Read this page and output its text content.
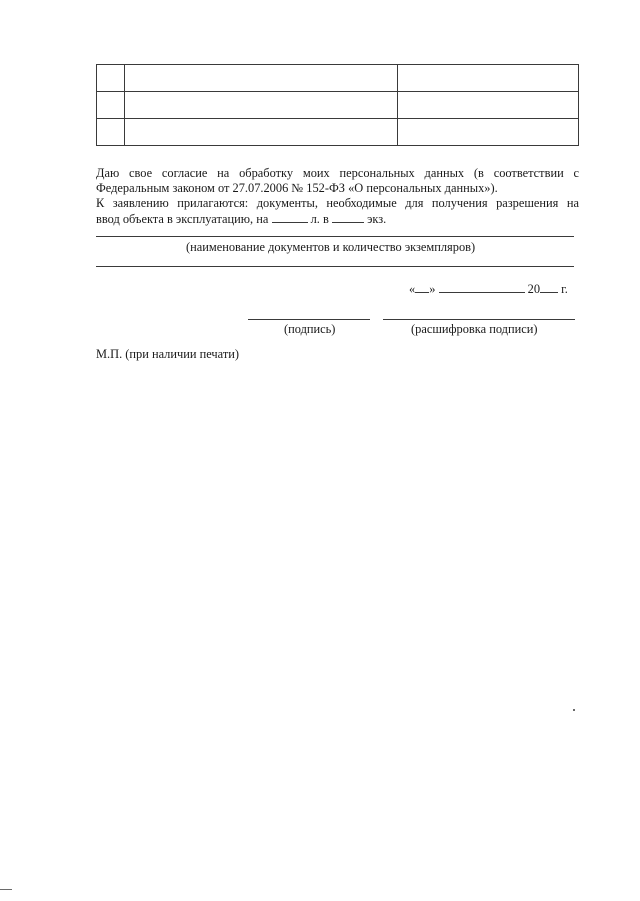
Даю свое согласие на обработку моих персональных данных (в соответствии с
Федеральным законом от 27.07.2006 № 152-ФЗ «О персональных данных»).

К заявлению прилагаются: документы, необходимые для получения разрешения на
ввод объекта в эксплуатацию, на	л. в	экз.

(наименование документов и количество экземпляров)
« »	20 г.
(подпись)	(расшифровка подписи)
М.П. (при наличии печати)
